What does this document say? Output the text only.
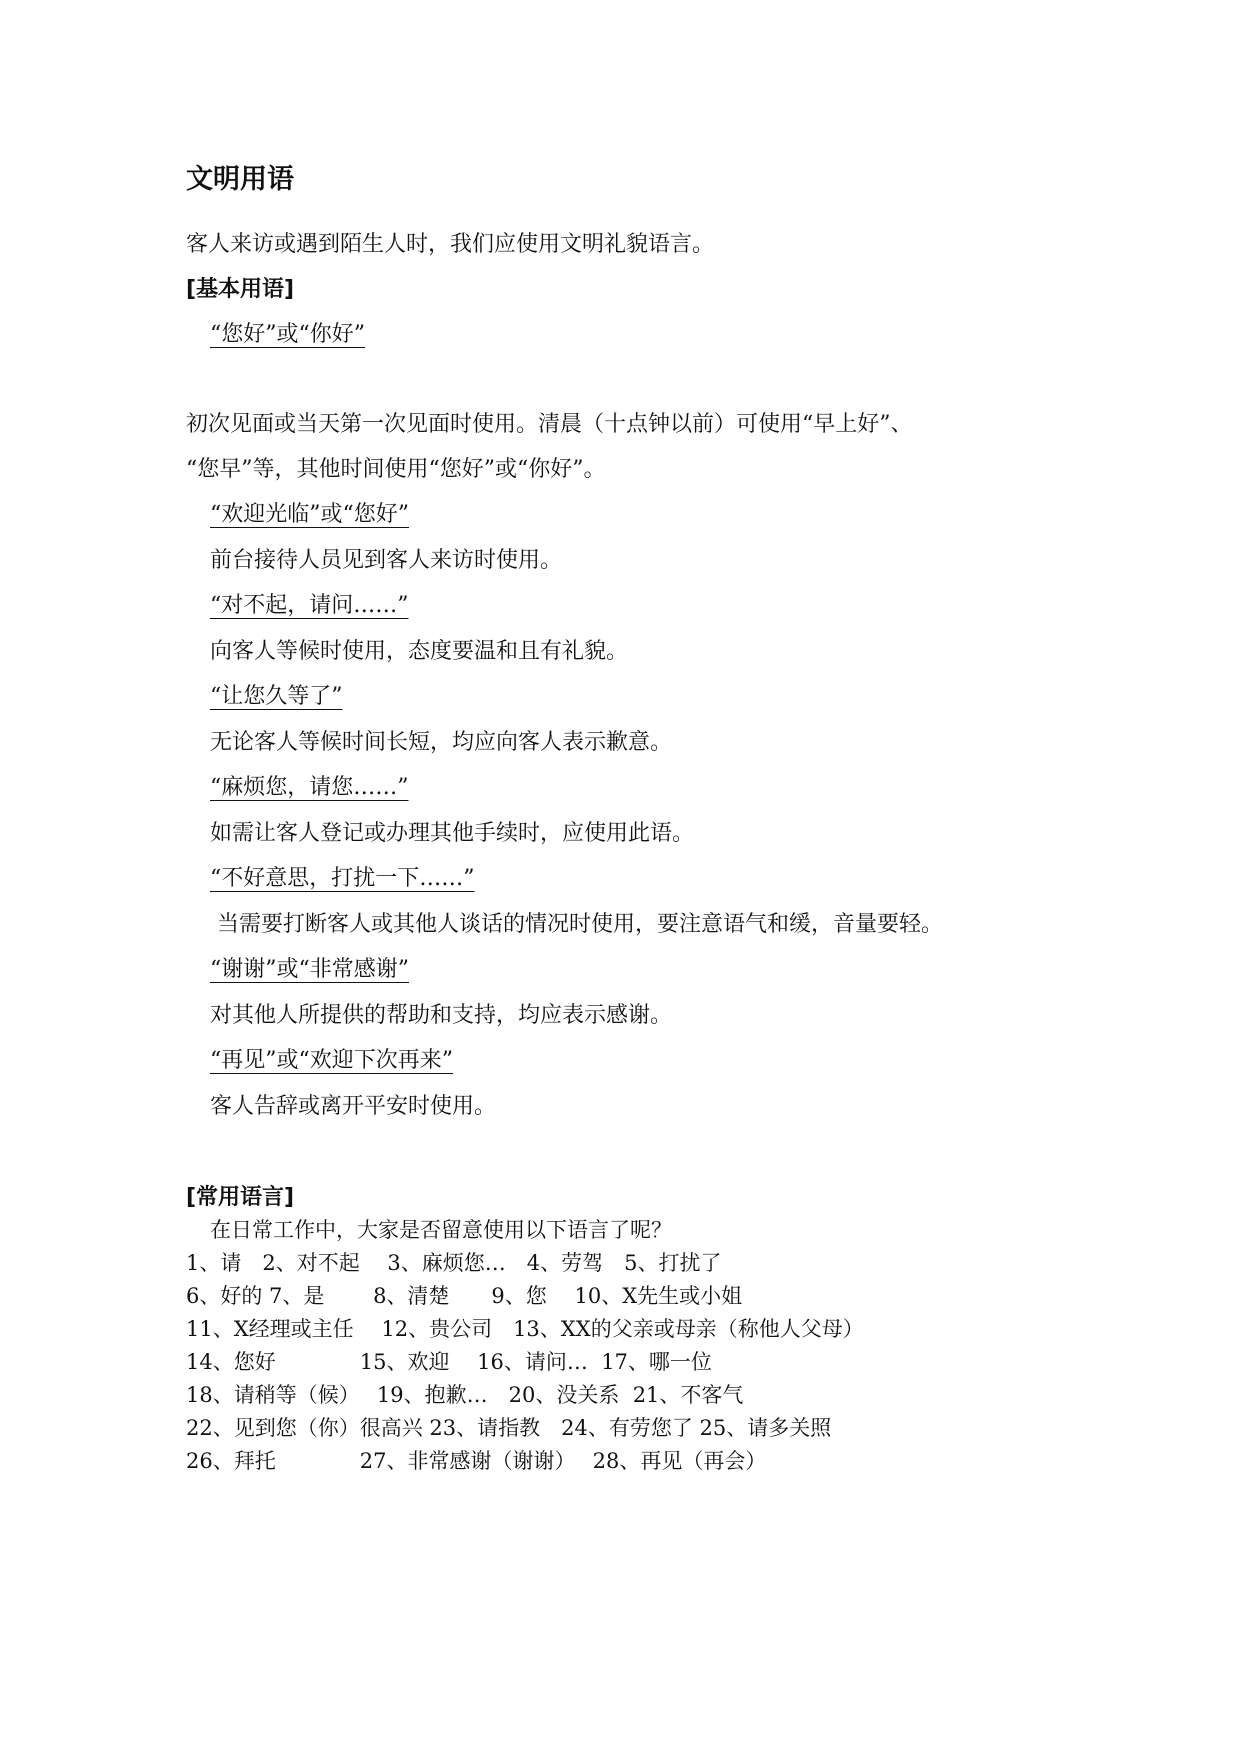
文明用语
客人来访或遇到陌生人时，我们应使用文明礼貌语言。
[基本用语]
“您好”或“你好”
初次见面或当天第一次见面时使用。清晨（十点钟以前）可使用“早上好”、
“您早”等，其他时间使用“您好”或“你好”。
“欢迎光临”或“您好”
前台接待人员见到客人来访时使用。
“对不起，请问……”
向客人等候时使用，态度要温和且有礼貌。
“让您久等了”
无论客人等候时间长短，均应向客人表示歉意。
“麻烦您，请您……”
如需让客人登记或办理其他手续时，应使用此语。
“不好意思，打扰一下……”
当需要打断客人或其他人谈话的情况时使用，要注意语气和缓，音量要轻。
“谢谢”或“非常感谢”
对其他人所提供的帮助和支持，均应表示感谢。
“再见”或“欢迎下次再来”
客人告辞或离开平安时使用。
[常用语言]
在日常工作中，大家是否留意使用以下语言了呢？
1、请　2、对不起　 3、麻烦您…　4、劳驾　5、打扰了
6、好的 7、是　　 8、清楚　　9、您　 10、X先生或小姐
11、X经理或主任　 12、贵公司　13、XX的父亲或母亲（称他人父母）
14、您好　　　　15、欢迎　 16、请问…  17、哪一位
18、请稍等（候）　 19、抱歉…　20、没关系  21、不客气
22、见到您（你）很高兴 23、请指教　24、有劳您了 25、请多关照
26、拜托　　　　27、非常感谢（谢谢）　 28、再见（再会）
